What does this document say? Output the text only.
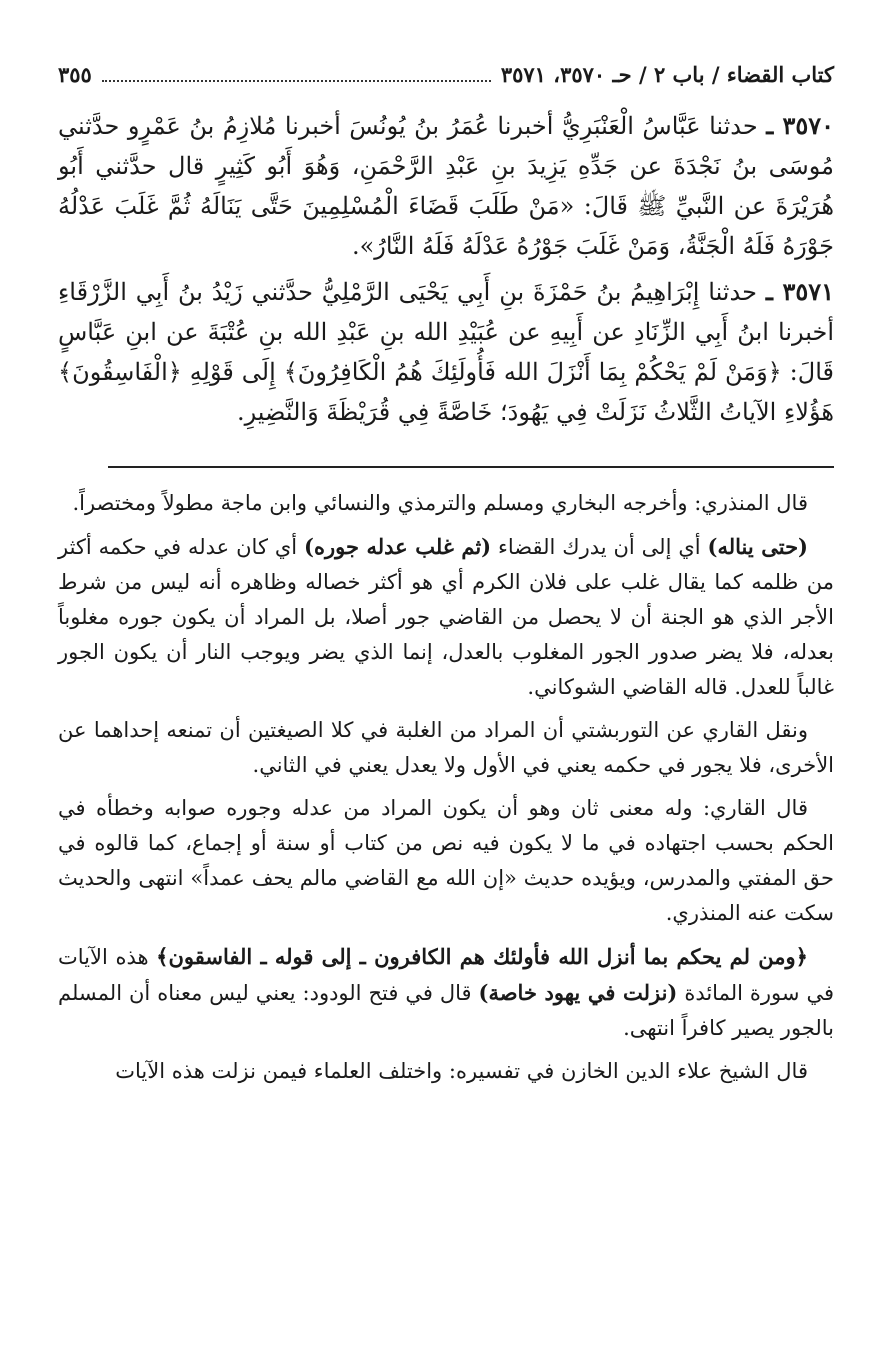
كتاب القضاء / باب ٢ / حـ ٣٥٧٠، ٣٥٧١
٣٥٥

٣٥٧٠ ـ حدثنا عَبَّاسُ الْعَنْبَرِيُّ أخبرنا عُمَرُ بنُ يُونُسَ أخبرنا مُلازِمُ بنُ عَمْرٍو حدَّثني مُوسَى بنُ نَجْدَةَ عن جَدِّهِ يَزِيدَ بنِ عَبْدِ الرَّحْمَنِ، وَهُوَ أَبُو كَثِيرٍ قال حدَّثني أَبُو هُرَيْرَةَ عن النَّبيِّ ﷺ قَالَ: «مَنْ طَلَبَ قَضَاءَ الْمُسْلِمِينَ حَتَّى يَنَالَهُ ثُمَّ غَلَبَ عَدْلُهُ جَوْرَهُ فَلَهُ الْجَنَّةُ، وَمَنْ غَلَبَ جَوْرُهُ عَدْلَهُ فَلَهُ النَّارُ».

٣٥٧١ ـ حدثنا إِبْرَاهِيمُ بنُ حَمْزَةَ بنِ أَبِي يَحْيَى الرَّمْلِيُّ حدَّثني زَيْدُ بنُ أَبِي الزَّرْقَاءِ أخبرنا ابنُ أَبِي الزِّنَادِ عن أَبِيهِ عن عُبَيْدِ الله بنِ عَبْدِ الله بنِ عُتْبَةَ عن ابنِ عَبَّاسٍ قَالَ: ﴿وَمَنْ لَمْ يَحْكُمْ بِمَا أَنْزَلَ الله فَأُولَئِكَ هُمُ الْكَافِرُونَ﴾ إِلَى قَوْلِهِ ﴿الْفَاسِقُونَ﴾ هَؤُلاءِ الآياتُ الثَّلاثُ نَزَلَتْ فِي يَهُودَ؛ خَاصَّةً فِي قُرَيْظَةَ وَالنَّضِيرِ.

قال المنذري: وأخرجه البخاري ومسلم والترمذي والنسائي وابن ماجة مطولاً ومختصراً.

(حتى يناله) أي إلى أن يدرك القضاء (ثم غلب عدله جوره) أي كان عدله في حكمه أكثر من ظلمه كما يقال غلب على فلان الكرم أي هو أكثر خصاله وظاهره أنه ليس من شرط الأجر الذي هو الجنة أن لا يحصل من القاضي جور أصلا، بل المراد أن يكون جوره مغلوباً بعدله، فلا يضر صدور الجور المغلوب بالعدل، إنما الذي يضر ويوجب النار أن يكون الجور غالباً للعدل. قاله القاضي الشوكاني.

ونقل القاري عن التوربشتي أن المراد من الغلبة في كلا الصيغتين أن تمنعه إحداهما عن الأخرى، فلا يجور في حكمه يعني في الأول ولا يعدل يعني في الثاني.

قال القاري: وله معنى ثان وهو أن يكون المراد من عدله وجوره صوابه وخطأه في الحكم بحسب اجتهاده في ما لا يكون فيه نص من كتاب أو سنة أو إجماع، كما قالوه في حق المفتي والمدرس، ويؤيده حديث «إن الله مع القاضي مالم يحف عمداً» انتهى والحديث سكت عنه المنذري.

﴿ومن لم يحكم بما أنزل الله فأولئك هم الكافرون ـ إلى قوله ـ الفاسقون﴾ هذه الآيات في سورة المائدة (نزلت في يهود خاصة) قال في فتح الودود: يعني ليس معناه أن المسلم بالجور يصير كافراً انتهى.

قال الشيخ علاء الدين الخازن في تفسيره: واختلف العلماء فيمن نزلت هذه الآيات
